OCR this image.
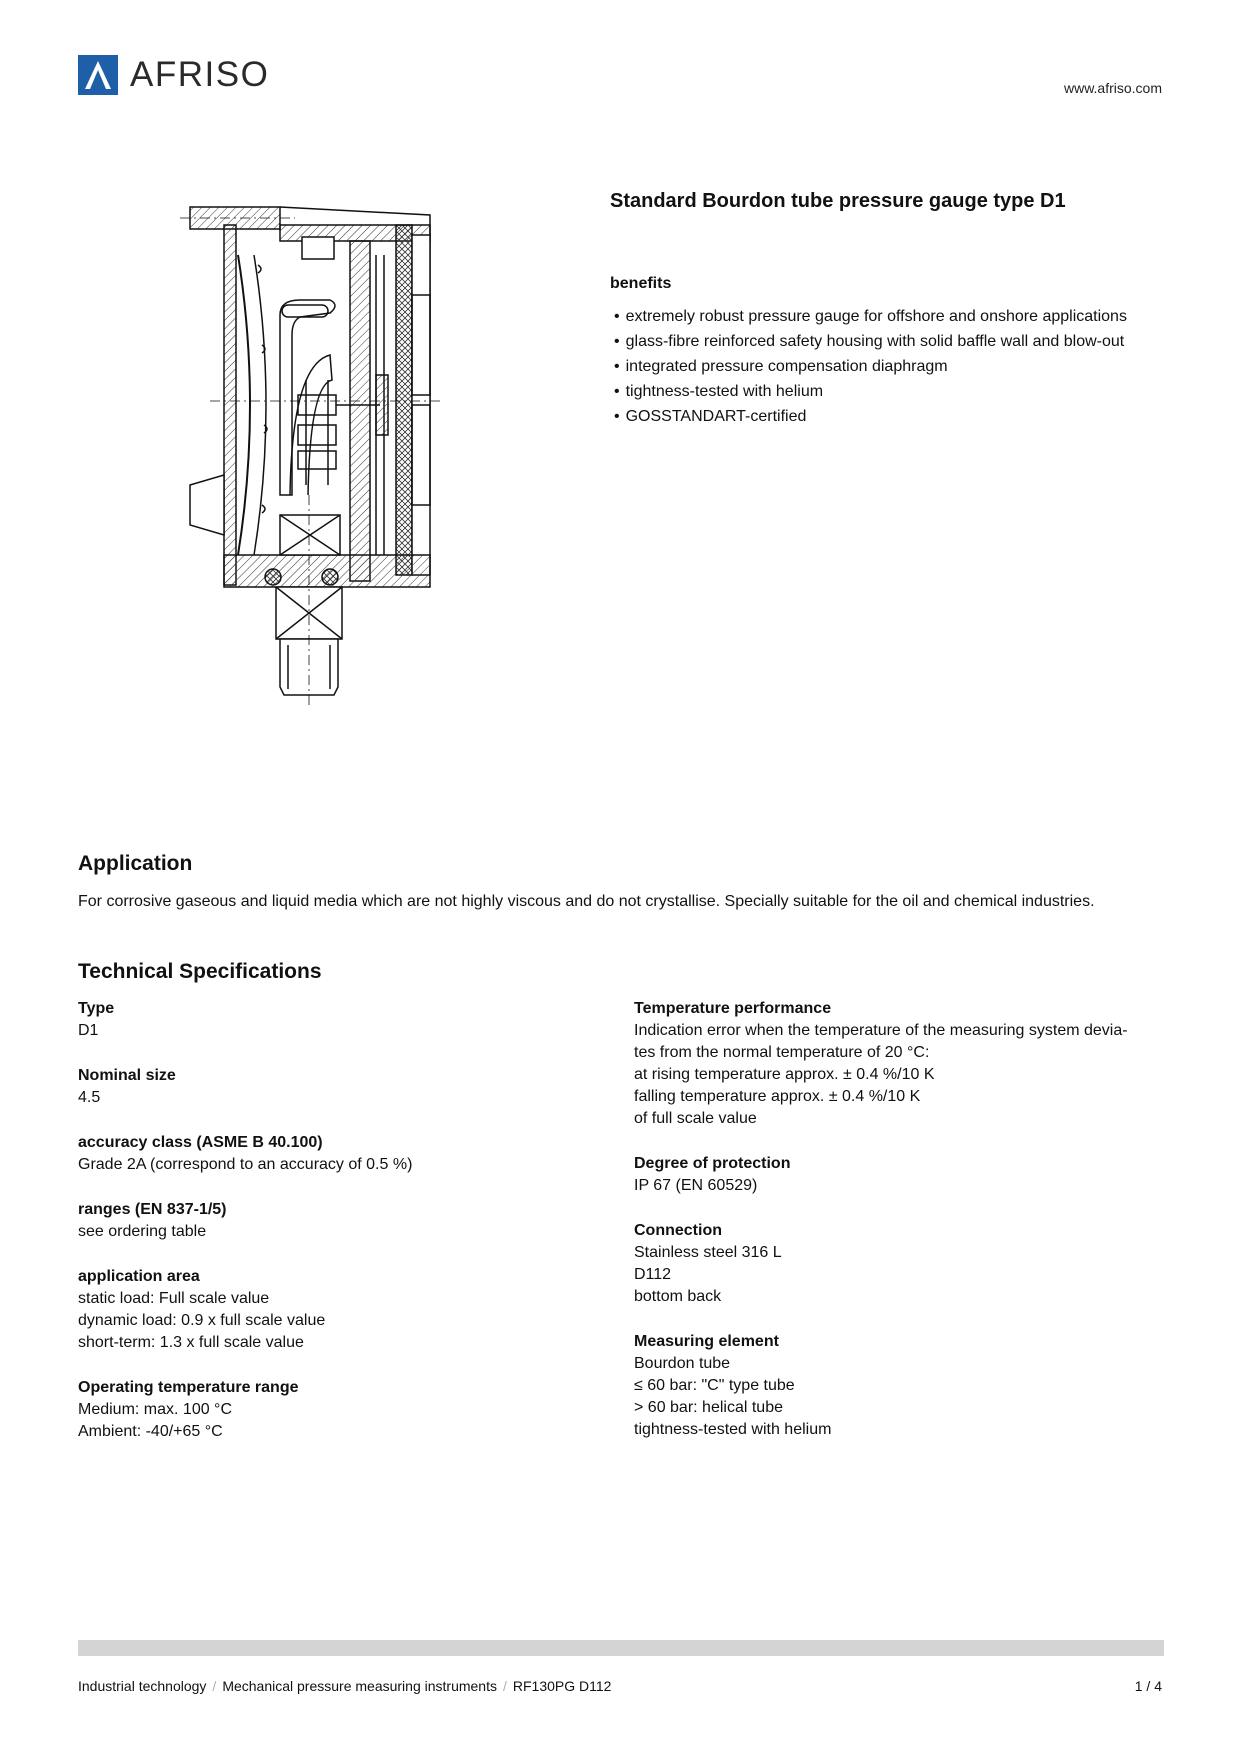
AFRISO	www.afriso.com
Standard Bourdon tube pressure gauge type D1
benefits
• extremely robust pressure gauge for offshore and onshore applications
• glass-fibre reinforced safety housing with solid baffle wall and blow-out
• integrated pressure compensation diaphragm
• tightness-tested with helium
• GOSSTANDART-certified
Application
For corrosive gaseous and liquid media which are not highly viscous and do not crystallise. Specially suitable for the oil and chemical industries.
Technical Specifications
Type
D1
Nominal size
4.5
accuracy class (ASME B 40.100)
Grade 2A (correspond to an accuracy of 0.5 %)
ranges (EN 837-1/5)
see ordering table
application area
static load: Full scale value
dynamic load: 0.9 x full scale value
short-term: 1.3 x full scale value
Operating temperature range
Medium: max. 100 °C
Ambient: -40/+65 °C
Temperature performance
Indication error when the temperature of the measuring system devia-
tes from the normal temperature of 20 °C:
at rising temperature approx. ± 0.4 %/10 K
falling temperature approx. ± 0.4 %/10 K
of full scale value
Degree of protection
IP 67 (EN 60529)
Connection
Stainless steel 316 L
D112
bottom back
Measuring element
Bourdon tube
≤ 60 bar: "C" type tube
> 60 bar: helical tube
tightness-tested with helium
Industrial technology / Mechanical pressure measuring instruments / RF130PG D112	1 / 4
